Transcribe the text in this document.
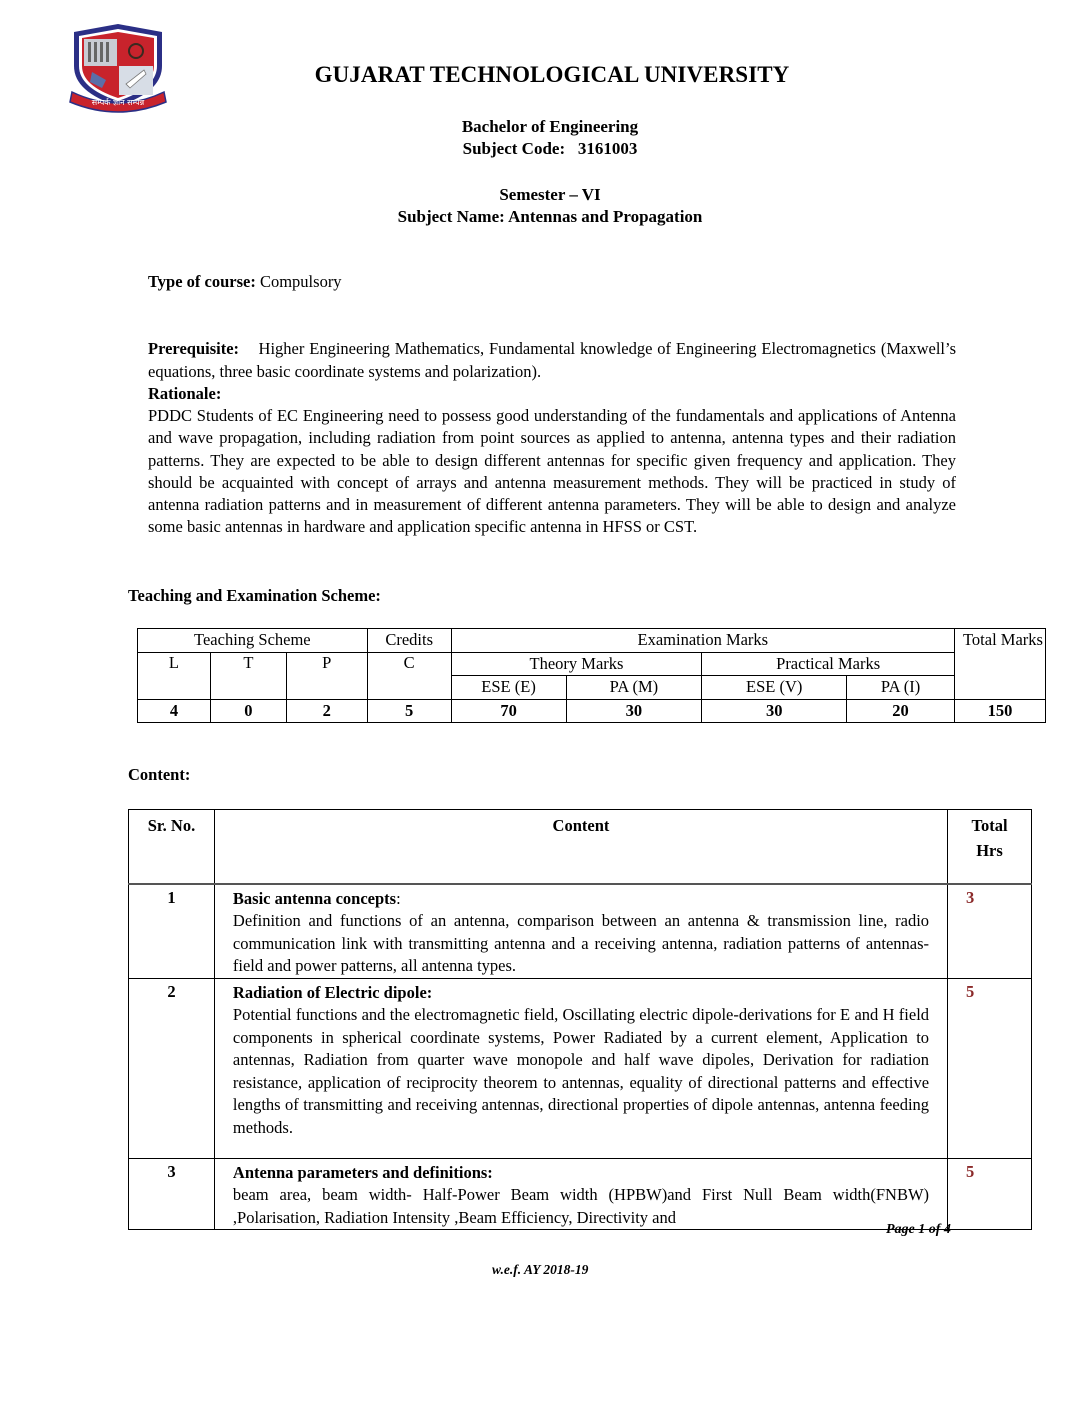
सम्पर्क ज्ञान सम्पन्न
GUJARAT TECHNOLOGICAL UNIVERSITY
Bachelor of Engineering
Subject Code:   3161003
Semester – VI
Subject Name: Antennas and Propagation
Type of course: Compulsory

Prerequisite:    Higher Engineering Mathematics, Fundamental knowledge of Engineering Electromagnetics (Maxwell’s equations, three basic coordinate systems and polarization).
Rationale:
PDDC Students of EC Engineering need to possess good understanding of the fundamentals and applications of Antenna and wave propagation, including radiation from point sources as applied to antenna, antenna types and their radiation patterns. They are expected to be able to design different antennas for specific given frequency and application. They should be acquainted with concept of arrays and antenna measurement methods. They will be practiced in study of antenna radiation patterns and in measurement of different antenna parameters. They will be able to design and analyze some basic antennas in hardware and application specific antenna in HFSS or CST.
Teaching and Examination Scheme:
Teaching Scheme			Credits	Examination Marks				Total Marks
L	T	P	C	Theory Marks		Practical Marks		
				ESE (E)	PA (M)	ESE (V)	PA (I)	
4	0	2	5	70	30	30	20	150
Content:
Sr. No.	Content	Total
Hrs

1	Basic antenna concepts:
Definition and functions of an antenna, comparison between an antenna & transmission line, radio communication link with transmitting antenna and a receiving antenna, radiation patterns of antennas-field and power patterns, all antenna types.	3
2	Radiation of Electric dipole:
Potential functions and the electromagnetic field, Oscillating electric dipole-derivations for E and H field components in spherical coordinate systems, Power Radiated by a current element, Application to antennas, Radiation from quarter wave monopole and half wave dipoles, Derivation for radiation resistance, application of reciprocity theorem to antennas, equality of directional patterns and effective lengths of transmitting and receiving antennas, directional properties of dipole antennas, antenna feeding methods.	5
3	Antenna parameters and definitions:
beam area, beam width- Half-Power Beam width (HPBW)and First Null Beam width(FNBW) ,Polarisation, Radiation Intensity ,Beam Efficiency, Directivity and	5
Page 1 of 4
w.e.f. AY 2018-19
